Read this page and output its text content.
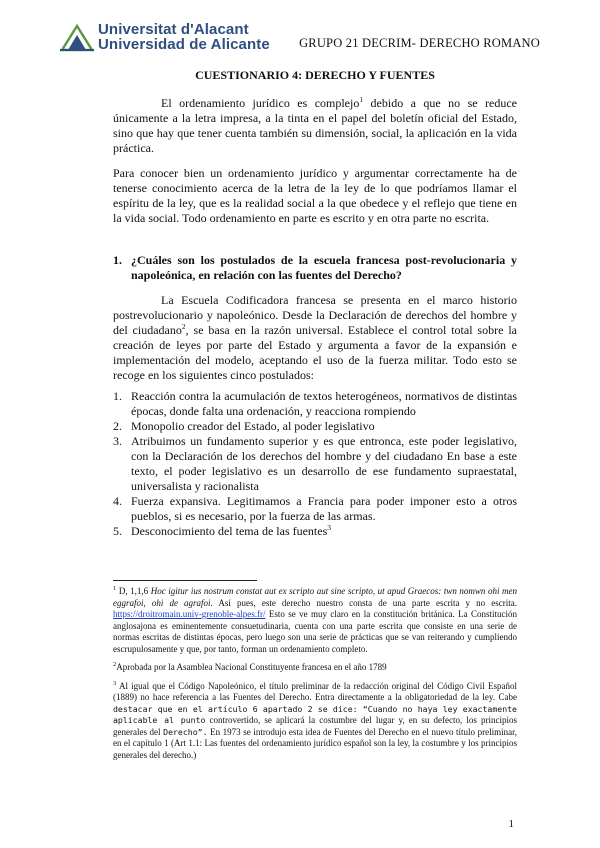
Universitat d'Alacant
Universidad de Alicante GRUPO 21 DECRIM- DERECHO ROMANO
CUESTIONARIO 4: DERECHO Y FUENTES

El ordenamiento jurídico es complejo$^1$ debido a que no se reduce únicamente a la letra impresa, a la tinta en el papel del boletín oficial del Estado, sino que hay que tener cuenta también su dimensión, social, la aplicación en la vida práctica.

Para conocer bien un ordenamiento jurídico y argumentar correctamente ha de tenerse conocimiento acerca de la letra de la ley de lo que podríamos llamar el espíritu de la ley, que es la realidad social a la que obedece y el reflejo que tiene en la vida social. Todo ordenamiento en parte es escrito y en otra parte no escrita.

1. ¿Cuáles son los postulados de la escuela francesa post-revolucionaria y napoleónica, en relación con las fuentes del Derecho?

La Escuela Codificadora francesa se presenta en el marco historio postrevolucionario y napoleónico. Desde la Declaración de derechos del hombre y del ciudadano$^2$, se basa en la razón universal. Establece el control total sobre la creación de leyes por parte del Estado y argumenta a favor de la expansión e implementación del modelo, aceptando el uso de la fuerza militar. Todo esto se recoge en los siguientes cinco postulados:

1. Reacción contra la acumulación de textos heterogéneos, normativos de distintas épocas, donde falta una ordenación, y reacciona rompiendo
2. Monopolio creador del Estado, al poder legislativo
3. Atribuimos un fundamento superior y es que entronca, este poder legislativo, con la Declaración de los derechos del hombre y del ciudadano En base a este texto, el poder legislativo es un desarrollo de ese fundamento supraestatal, universalista y racionalista
4. Fuerza expansiva. Legitimamos a Francia para poder imponer esto a otros pueblos, si es necesario, por la fuerza de las armas.
5. Desconocimiento del tema de las fuentes$^3$

$^1$ D, 1,1,6 Hoc igitur ius nostrum constat aut ex scripto aut sine scripto, ut apud Graecos: twn nomwn ohi men eggrafoi, ohi de agrafoi. Así pues, este derecho nuestro consta de una parte escrita y no escrita. https://droitromain.univ-grenoble-alpes.fr/ Esto se ve muy claro en la constitución británica. La Constitución anglosajona es eminentemente consuetudinaria, cuenta con una parte escrita que consiste en una serie de normas escritas de distintas épocas, pero luego son una serie de prácticas que se van reiterando y cumpliendo escrupulosamente y que, por tanto, forman un ordenamiento completo.

$^2$Aprobada por la Asamblea Nacional Constituyente francesa en el año 1789

$^3$ Al igual que el Código Napoleónico, el título preliminar de la redacción original del Código Civil Español (1889) no hace referencia a las Fuentes del Derecho. Entra directamente a la obligatoriedad de la ley. Cabe destacar que en el artículo 6 apartado 2 se dice: “Cuando no haya ley exactamente aplicable al punto controvertido, se aplicará la costumbre del lugar y, en su defecto, los principios generales del Derecho”. En 1973 se introdujo esta idea de Fuentes del Derecho en el nuevo título preliminar, en el capítulo 1 (Art 1.1: Las fuentes del ordenamiento jurídico español son la ley, la costumbre y los principios generales del derecho.)

1
